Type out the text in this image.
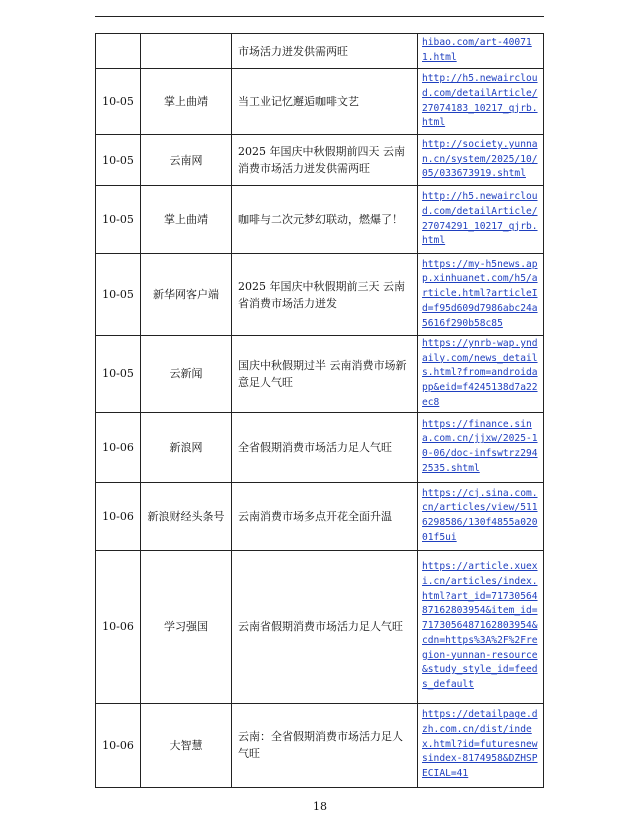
		市场活力迸发供需两旺	hibao.com/art-400711.html
10-05	掌上曲靖	当工业记忆邂逅咖啡文艺	http://h5.newaircloud.com/detailArticle/27074183_10217_qjrb.html
10-05	云南网	2025 年国庆中秋假期前四天 云南消费市场活力迸发供需两旺	http://society.yunnan.cn/system/2025/10/05/033673919.shtml
10-05	掌上曲靖	咖啡与二次元梦幻联动，燃爆了！	http://h5.newaircloud.com/detailArticle/27074291_10217_qjrb.html
10-05	新华网客户端	2025 年国庆中秋假期前三天 云南省消费市场活力迸发	https://my-h5news.app.xinhuanet.com/h5/article.html?articleId=f95d609d7986abc24a5616f290b58c85
10-05	云新闻	国庆中秋假期过半 云南消费市场新意足人气旺	https://ynrb-wap.yndaily.com/news_details.html?from=androidapp&eid=f4245138d7a22ec8
10-06	新浪网	全省假期消费市场活力足人气旺	https://finance.sina.com.cn/jjxw/2025-10-06/doc-infswtrz2942535.shtml
10-06	新浪财经头条号	云南消费市场多点开花全面升温	https://cj.sina.com.cn/articles/view/5116298586/130f4855a02001f5ui
10-06	学习强国	云南省假期消费市场活力足人气旺	https://article.xuexi.cn/articles/index.html?art_id=7173056487162803954&item_id=7173056487162803954&cdn=https%3A%2F%2Fregion-yunnan-resource&study_style_id=feeds_default
10-06	大智慧	云南：全省假期消费市场活力足人气旺	https://detailpage.dzh.com.cn/dist/index.html?id=futuresnewsindex-8174958&DZHSPECIAL=41
18
